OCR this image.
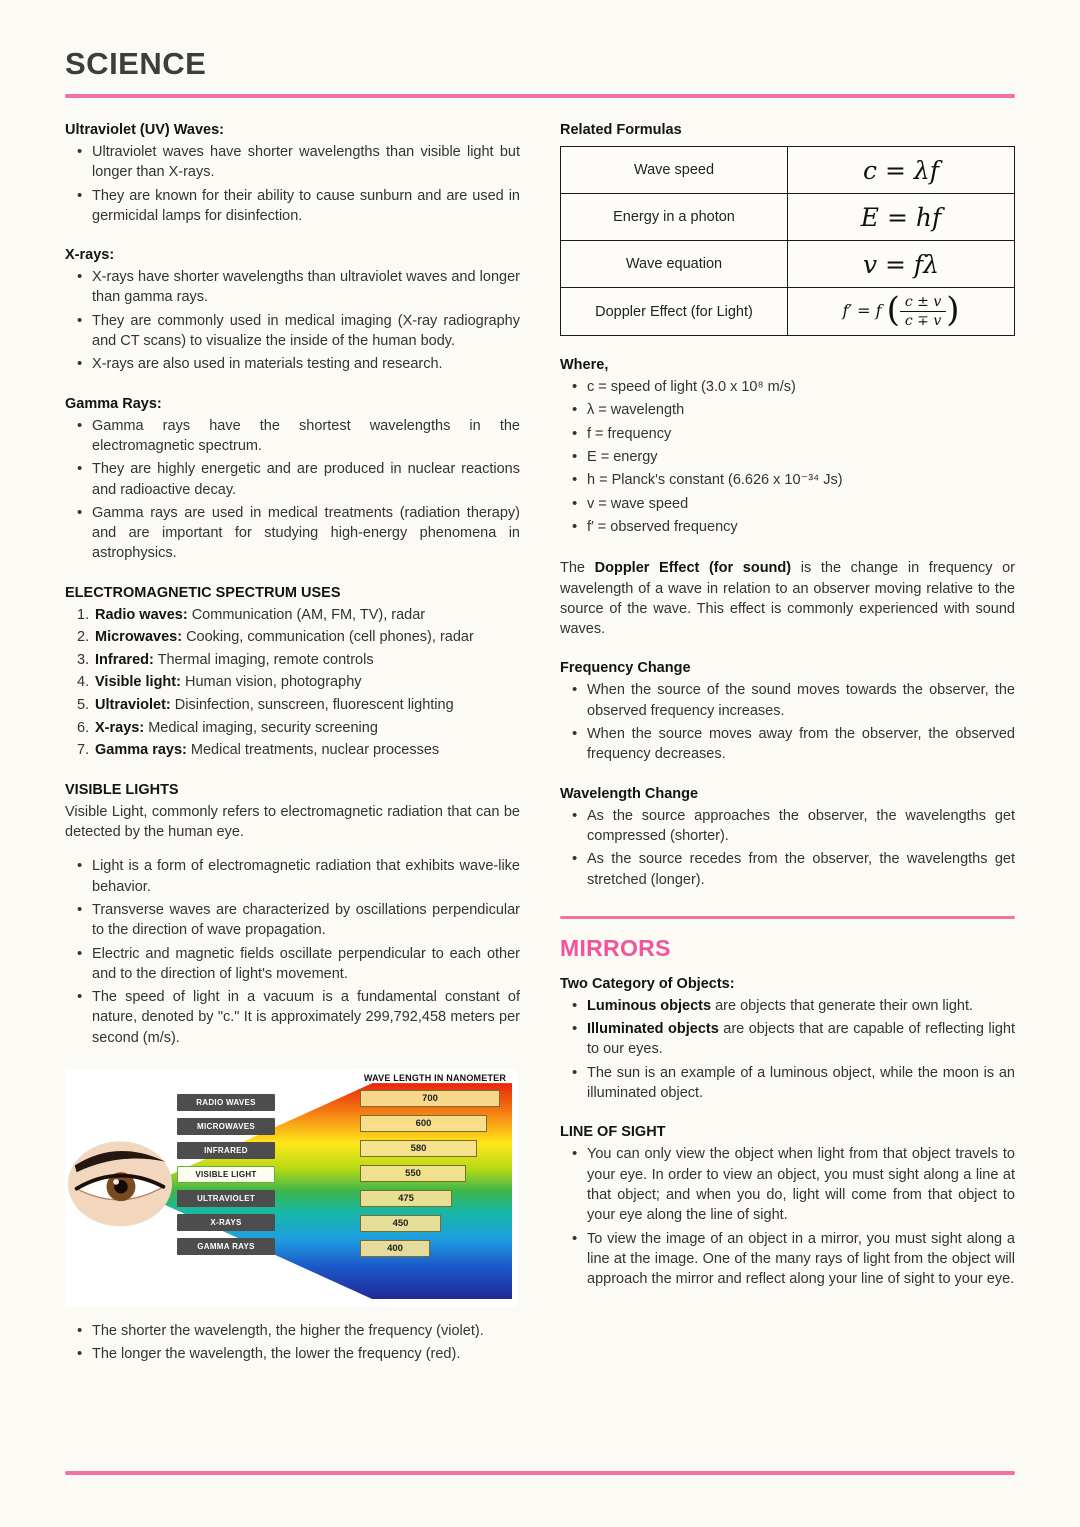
SCIENCE
Ultraviolet (UV) Waves:
• Ultraviolet waves have shorter wavelengths than visible light but longer than X-rays.
• They are known for their ability to cause sunburn and are used in germicidal lamps for disinfection.
X-rays:
• X-rays have shorter wavelengths than ultraviolet waves and longer than gamma rays.
• They are commonly used in medical imaging (X-ray radiography and CT scans) to visualize the inside of the human body.
• X-rays are also used in materials testing and research.
Gamma Rays:
• Gamma rays have the shortest wavelengths in the electromagnetic spectrum.
• They are highly energetic and are produced in nuclear reactions and radioactive decay.
• Gamma rays are used in medical treatments (radiation therapy) and are important for studying high-energy phenomena in astrophysics.
ELECTROMAGNETIC SPECTRUM USES
Radio waves: Communication (AM, FM, TV), radar
Microwaves: Cooking, communication (cell phones), radar
Infrared: Thermal imaging, remote controls
Visible light: Human vision, photography
Ultraviolet: Disinfection, sunscreen, fluorescent lighting
X-rays: Medical imaging, security screening
Gamma rays: Medical treatments, nuclear processes
VISIBLE LIGHTS

Visible Light, commonly refers to electromagnetic radiation that can be detected by the human eye.

• Light is a form of electromagnetic radiation that exhibits wave-like behavior.
• Transverse waves are characterized by oscillations perpendicular to the direction of wave propagation.
• Electric and magnetic fields oscillate perpendicular to each other and to the direction of light's movement.
• The speed of light in a vacuum is a fundamental constant of nature, denoted by "c." It is approximately 299,792,458 meters per second (m/s).
RADIO WAVES
MICROWAVES
INFRARED
VISIBLE LIGHT
ULTRAVIOLET
X-RAYS
GAMMA RAYS
WAVE LENGTH IN NANOMETER
700
600
580
550
475
450
400
• The shorter the wavelength, the higher the frequency (violet).
• The longer the wavelength, the lower the frequency (red).
Related Formulas
Wave speed	c = λf
Energy in a photon	E = hf
Wave equation	v = fλ
Doppler Effect (for Light)	f′ = f ( $\frac{c \pm v}{c \mp v}$ )
Where,
• c = speed of light (3.0 x 10⁸ m/s)
• λ = wavelength
• f = frequency
• E = energy
• h = Planck's constant (6.626 x 10⁻³⁴ Js)
• v = wave speed
• f′ = observed frequency

The Doppler Effect (for sound) is the change in frequency or wavelength of a wave in relation to an observer moving relative to the source of the wave. This effect is commonly experienced with sound waves.

Frequency Change
• When the source of the sound moves towards the observer, the observed frequency increases.
• When the source moves away from the observer, the observed frequency decreases.
Wavelength Change
• As the source approaches the observer, the wavelengths get compressed (shorter).
• As the source recedes from the observer, the wavelengths get stretched (longer).
MIRRORS
Two Category of Objects:
• Luminous objects are objects that generate their own light.
• Illuminated objects are objects that are capable of reflecting light to our eyes.
• The sun is an example of a luminous object, while the moon is an illuminated object.
LINE OF SIGHT
• You can only view the object when light from that object travels to your eye. In order to view an object, you must sight along a line at that object; and when you do, light will come from that object to your eye along the line of sight.
• To view the image of an object in a mirror, you must sight along a line at the image. One of the many rays of light from the object will approach the mirror and reflect along your line of sight to your eye.
